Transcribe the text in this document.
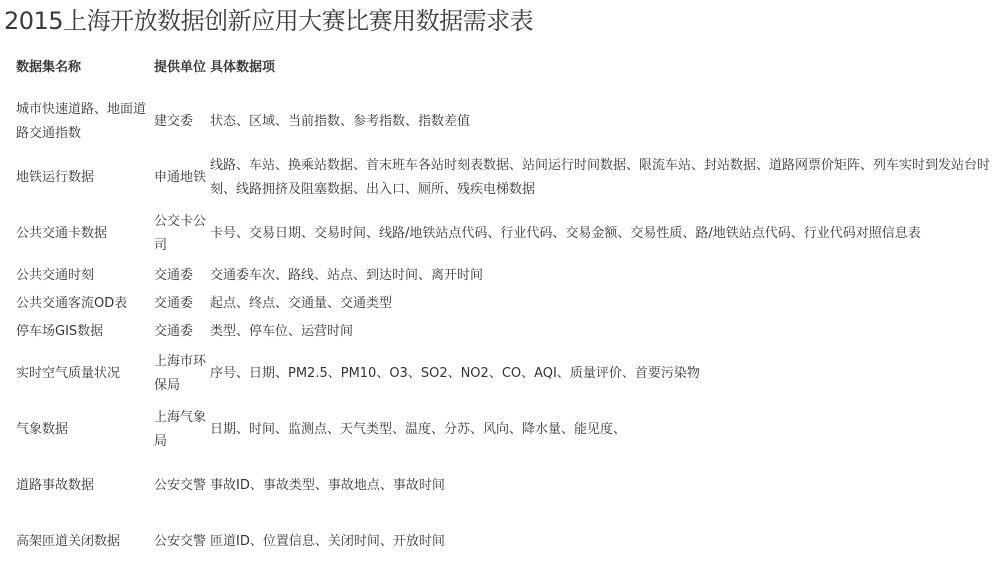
2015上海开放数据创新应用大赛比赛用数据需求表
数据集名称	提供单位	具体数据项

城市快速道路、地面道路交通指数	建交委	状态、区域、当前指数、参考指数、指数差值

地铁运行数据	申通地铁	线路、车站、换乘站数据、首末班车各站时刻表数据、站间运行时间数据、限流车站、封站数据、道路网票价矩阵、列车实时到发站台时刻、线路拥挤及阻塞数据、出入口、厕所、残疾电梯数据

公共交通卡数据	公交卡公司	卡号、交易日期、交易时间、线路/地铁站点代码、行业代码、交易金额、交易性质、路/地铁站点代码、行业代码对照信息表

公共交通时刻	交通委	交通委车次、路线、站点、到达时间、离开时间

公共交通客流OD表	交通委	起点、终点、交通量、交通类型

停车场GIS数据	交通委	类型、停车位、运营时间

实时空气质量状况	上海市环保局	序号、日期、PM2.5、PM10、O3、SO2、NO2、CO、AQI、质量评价、首要污染物

气象数据	上海气象局	日期、时间、监测点、天气类型、温度、分苏、风向、降水量、能见度、

道路事故数据	公安交警	事故ID、事故类型、事故地点、事故时间

高架匝道关闭数据	公安交警	匝道ID、位置信息、关闭时间、开放时间
